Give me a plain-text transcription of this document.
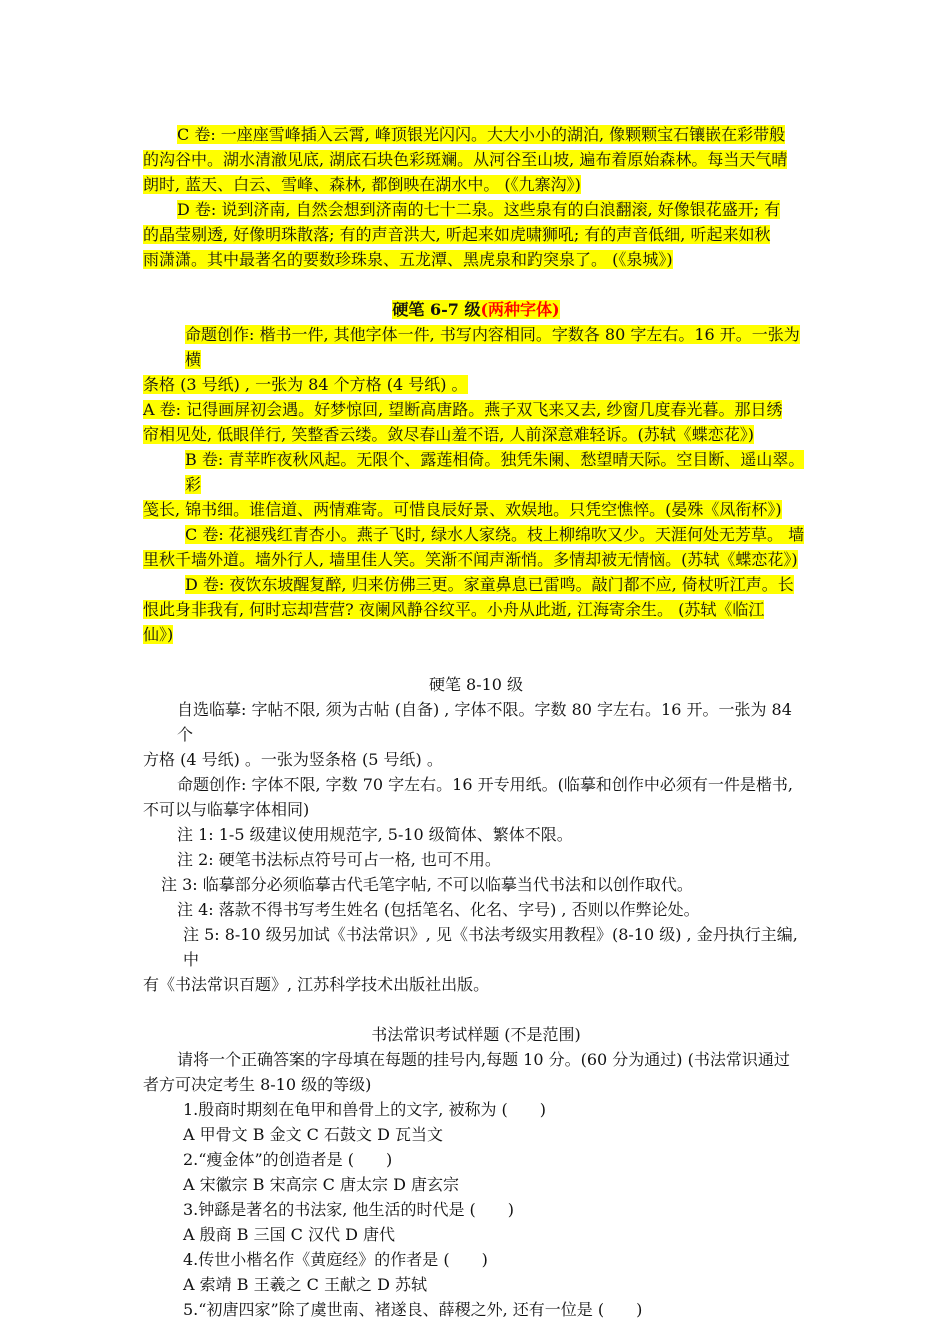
C 卷: 一座座雪峰插入云霄, 峰顶银光闪闪。大大小小的湖泊, 像颗颗宝石镶嵌在彩带般

的沟谷中。湖水清澈见底, 湖底石块色彩斑斓。从河谷至山坡, 遍布着原始森林。每当天气晴

朗时, 蓝天、白云、雪峰、森林, 都倒映在湖水中。 (《九寨沟》)

D 卷: 说到济南, 自然会想到济南的七十二泉。这些泉有的白浪翻滚, 好像银花盛开; 有

的晶莹剔透, 好像明珠散落; 有的声音洪大, 听起来如虎啸狮吼; 有的声音低细, 听起来如秋

雨潇潇。其中最著名的要数珍珠泉、五龙潭、黑虎泉和趵突泉了。 (《泉城》)

硬笔 6-7 级(两种字体)

命题创作: 楷书一件, 其他字体一件, 书写内容相同。字数各 80 字左右。16 开。一张为横

条格 (3 号纸) , 一张为 84 个方格 (4 号纸) 。

A 卷: 记得画屏初会遇。好梦惊回, 望断高唐路。燕子双飞来又去, 纱窗几度春光暮。那日绣

帘相见处, 低眼佯行, 笑整香云缕。敛尽春山羞不语, 人前深意难轻诉。(苏轼《蝶恋花》)

B 卷: 青苹昨夜秋风起。无限个、露莲相倚。独凭朱阑、愁望晴天际。空目断、遥山翠。彩

笺长, 锦书细。谁信道、两情难寄。可惜良辰好景、欢娱地。只凭空憔悴。(晏殊《凤衔杯》)

C 卷: 花褪残红青杏小。燕子飞时, 绿水人家绕。枝上柳绵吹又少。天涯何处无芳草。 墙

里秋千墙外道。墙外行人, 墙里佳人笑。笑渐不闻声渐悄。多情却被无情恼。(苏轼《蝶恋花》)

D 卷: 夜饮东坡醒复醉, 归来仿佛三更。家童鼻息已雷鸣。敲门都不应, 倚杖听江声。长

恨此身非我有, 何时忘却营营? 夜阑风静谷纹平。小舟从此逝, 江海寄余生。 (苏轼《临江

仙》)

硬笔 8-10 级

自选临摹: 字帖不限, 须为古帖 (自备) , 字体不限。字数 80 字左右。16 开。一张为 84 个

方格 (4 号纸) 。一张为竖条格 (5 号纸) 。

命题创作: 字体不限, 字数 70 字左右。16 开专用纸。(临摹和创作中必须有一件是楷书,

不可以与临摹字体相同)

注 1: 1-5 级建议使用规范字, 5-10 级简体、繁体不限。

注 2: 硬笔书法标点符号可占一格, 也可不用。

注 3: 临摹部分必须临摹古代毛笔字帖, 不可以临摹当代书法和以创作取代。

注 4: 落款不得书写考生姓名 (包括笔名、化名、字号) , 否则以作弊论处。

注 5: 8-10 级另加试《书法常识》, 见《书法考级实用教程》(8-10 级) , 金丹执行主编, 中

有《书法常识百题》, 江苏科学技术出版社出版。

书法常识考试样题 (不是范围)

请将一个正确答案的字母填在每题的挂号内,每题 10 分。(60 分为通过) (书法常识通过

者方可决定考生 8-10 级的等级)

1.殷商时期刻在龟甲和兽骨上的文字, 被称为 (　　)

A 甲骨文 B 金文 C 石鼓文 D 瓦当文

2.“瘦金体”的创造者是 (　　)

A 宋徽宗 B 宋高宗 C 唐太宗 D 唐玄宗

3.钟繇是著名的书法家, 他生活的时代是 (　　)

A 殷商 B 三国 C 汉代 D 唐代

4.传世小楷名作《黄庭经》的作者是 (　　)

A 索靖 B 王羲之 C 王献之 D 苏轼

5.“初唐四家”除了虞世南、褚遂良、薛稷之外, 还有一位是 (　　)
